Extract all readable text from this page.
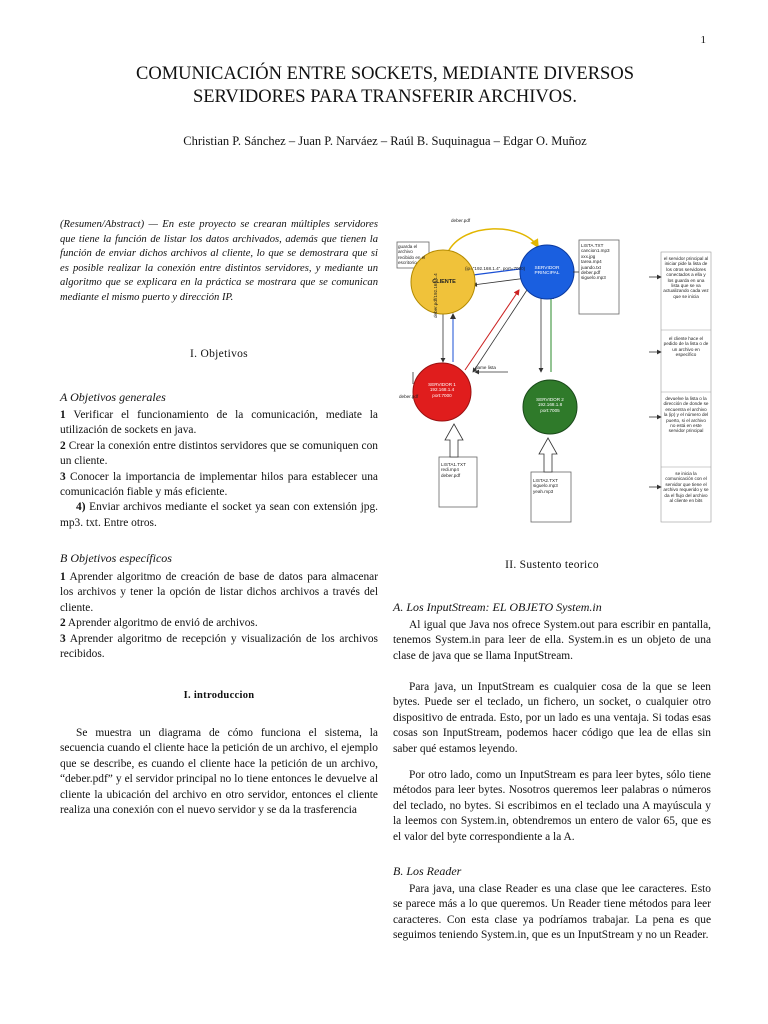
1
COMUNICACIÓN ENTRE SOCKETS, MEDIANTE DIVERSOS
SERVIDORES PARA TRANSFERIR ARCHIVOS.
Christian P. Sánchez – Juan P. Narváez – Raúl B. Suquinagua – Edgar O. Muñoz
(Resumen/Abstract) — En este proyecto se crearan múltiples servidores que tiene la función de listar los datos archivados, además que tienen la función de enviar dichos archivos al cliente, lo que se demostrara que si es posible realizar la conexión entre distintos servidores, y mediante un algoritmo que se explicara en la práctica se mostrara que se comunican mediante el mismo puerto y dirección IP.
I. Objetivos
A Objetivos generales

1 Verificar el funcionamiento de la comunicación, mediate la utilización de sockets en java.

2 Crear la conexión entre distintos servidores que se comuniquen con un cliente.

3 Conocer la importancia de implementar hilos para establecer una comunicación fiable y más eficiente.

4) Enviar archivos mediante el socket ya sean con extensión jpg. mp3. txt. Entre otros.

B Objetivos específicos

1 Aprender algoritmo de creación de base de datos para almacenar los archivos y tener la opción de listar dichos archivos a través del cliente.

2 Aprender algoritmo de envió de archivos.

3 Aprender algoritmo de recepción y visualización de los archivos recibidos.

I. introduccion
Se muestra un diagrama de cómo funciona el sistema, la secuencia cuando el cliente hace la petición de un archivo, el ejemplo que se describe, es cuando el cliente hace la petición de un archivo, “deber.pdf” y el servidor principal no lo tiene entonces le devuelve al cliente la ubicación del archivo en otro servidor, entonces el cliente realiza una conexión con el nuevo servidor y se da la trasferencia
guarda el archivo recibido en el escritorio
deber.pdf
(ip="192.168.1.4", port=7000)
CLIENTE
SERVIDOR PRINCIPAL
SERVIDOR 1 192.168.1.4 port:7000
SERVIDOR 2 192.168.1.8 port:7005
LISTA.TXT cancion1.mp3 xxx.jpg tarea.mp4 juando.txt deber.pdf siguelo.mp3
LISTA1.TXT redi.mp4 deber.pdf
LISTA2.TXT siguelo.mp3 yeah.mp3
dame lista
deber.pdf
deber.pdf/192.168.1.4
el servidor principal al iniciar pide la lista de los otros servidores conectados a ella y los guarda en una lista que se va actualizando cada vez que se inicia
el cliente hace el pedido de la lista o de un archivo en específico
devuelve la lista o la dirección de donde se encuentra el archivo la (ip) y el número del puerto, si el archivo no está en este servidor principal
se inicia la comunicación con el servidor que tiene el archivo requerido y se da el flujo del archivo al cliente en bits
II. Sustento teorico
A. Los InputStream: EL OBJETO System.in
Al igual que Java nos ofrece System.out para escribir en pantalla, tenemos System.in para leer de ella. System.in es un objeto de una clase de java que se llama InputStream.
Para java, un InputStream es cualquier cosa de la que se leen bytes. Puede ser el teclado, un fichero, un socket, o cualquier otro dispositivo de entrada. Esto, por un lado es una ventaja. Si todas esas cosas son InputStream, podemos hacer código que lea de ellas sin saber qué estamos leyendo.
Por otro lado, como un InputStream es para leer bytes, sólo tiene métodos para leer bytes. Nosotros queremos leer palabras o números del teclado, no bytes. Si escribimos en el teclado una A mayúscula y la leemos con System.in, obtendremos un entero de valor 65, que es el valor del byte correspondiente a la A.
B. Los Reader
Para java, una clase Reader es una clase que lee caracteres. Esto se parece más a lo que queremos. Un Reader tiene métodos para leer caracteres. Con esta clase ya podríamos trabajar. La pena es que seguimos teniendo System.in, que es un InputStream y no un Reader.
